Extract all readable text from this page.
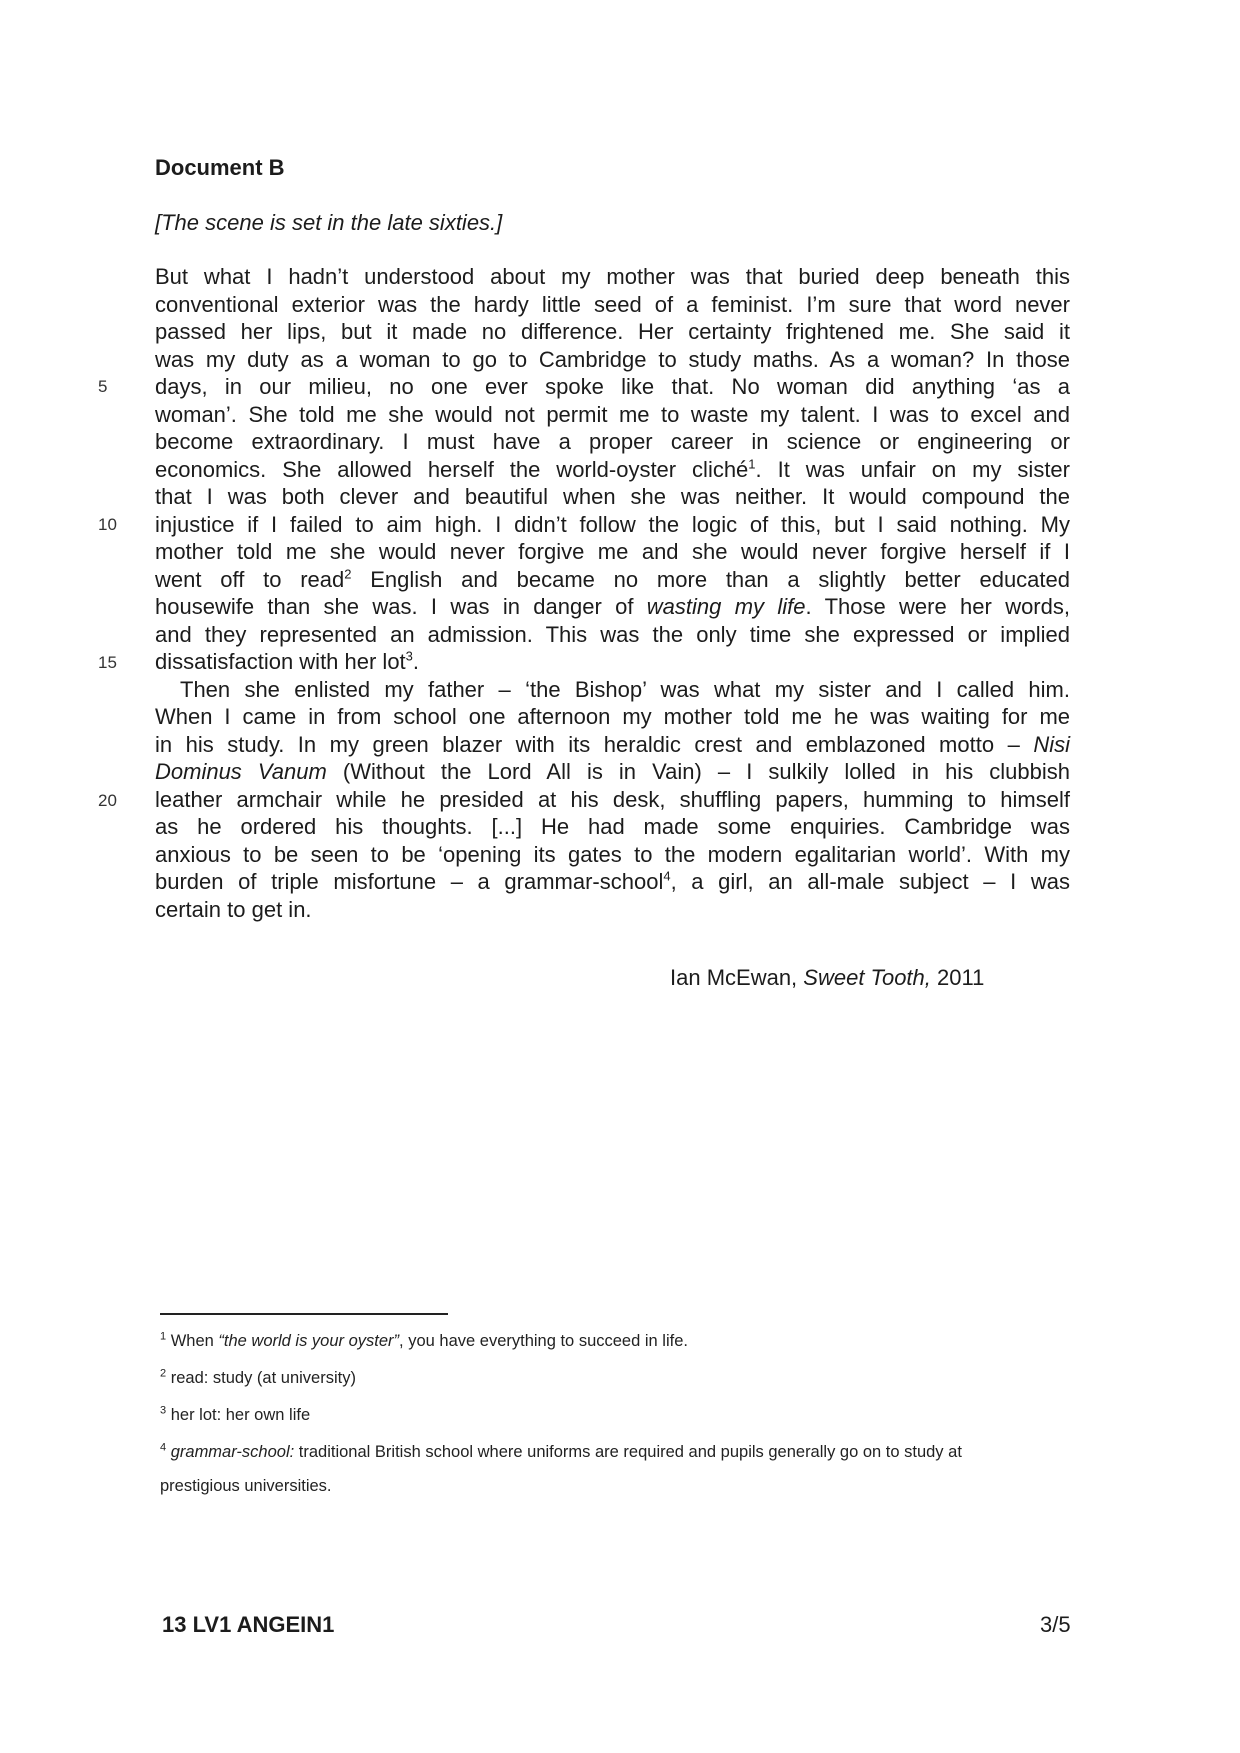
Document B
[The scene is set in the late sixties.]
5
10
15
20
But what I hadn’t understood about my mother was that buried deep beneath this
conventional exterior was the hardy little seed of a feminist. I’m sure that word never
passed her lips, but it made no difference. Her certainty frightened me. She said it
was my duty as a woman to go to Cambridge to study maths. As a woman? In those
days, in our milieu, no one ever spoke like that. No woman did anything ‘as a
woman’. She told me she would not permit me to waste my talent. I was to excel and
become extraordinary. I must have a proper career in science or engineering or
economics. She allowed herself the world-oyster cliché$^1$. It was unfair on my sister
that I was both clever and beautiful when she was neither. It would compound the
injustice if I failed to aim high. I didn’t follow the logic of this, but I said nothing. My
mother told me she would never forgive me and she would never forgive herself if I
went off to read$^2$ English and became no more than a slightly better educated
housewife than she was. I was in danger of wasting my life. Those were her words,
and they represented an admission. This was the only time she expressed or implied
dissatisfaction with her lot$^3$.
Then she enlisted my father – ‘the Bishop’ was what my sister and I called him.
When I came in from school one afternoon my mother told me he was waiting for me
in his study. In my green blazer with its heraldic crest and emblazoned motto – Nisi
Dominus Vanum (Without the Lord All is in Vain) – I sulkily lolled in his clubbish
leather armchair while he presided at his desk, shuffling papers, humming to himself
as he ordered his thoughts. [...] He had made some enquiries. Cambridge was
anxious to be seen to be ‘opening its gates to the modern egalitarian world’. With my
burden of triple misfortune – a grammar-school$^4$, a girl, an all-male subject – I was
certain to get in.
Ian McEwan, Sweet Tooth, 2011
$^1$ When “the world is your oyster”, you have everything to succeed in life.
$^2$ read: study (at university)
$^3$ her lot: her own life
$^4$ grammar-school: traditional British school where uniforms are required and pupils generally go on to study at
prestigious universities.
13 LV1 ANGEIN1	3/5
